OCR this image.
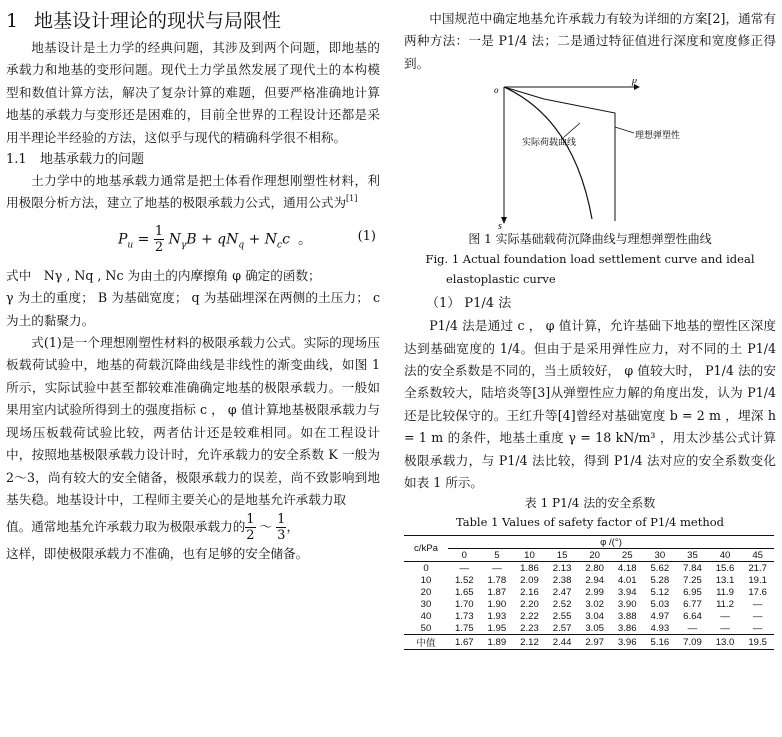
1 地基设计理论的现状与局限性

地基设计是土力学的经典问题，其涉及到两个问题，即地基的承载力和地基的变形问题。现代土力学虽然发展了现代土的本构模型和数值计算方法，解决了复杂计算的难题，但要严格准确地计算地基的承载力与变形还是困难的，目前全世界的工程设计还都是采用半理论半经验的方法，这似乎与现代的精确科学很不相称。

1.1 地基承载力的问题

土力学中的地基承载力通常是把土体看作理想刚塑性材料，利用极限分析方法，建立了地基的极限承载力公式，通用公式为[1]

$P_u = \frac{1}{2} N_\gamma B + qN_q + N_cc$ 。	(1)

式中　Nγ , Nq , Nc 为由土的内摩擦角 φ 确定的函数；

γ 为土的重度； B 为基础宽度； q 为基础埋深在两侧的土压力； c 为土的黏聚力。

式(1)是一个理想刚塑性材料的极限承载力公式。实际的现场压板载荷试验中，地基的荷载沉降曲线是非线性的渐变曲线，如图 1 所示，实际试验中甚至都较难准确确定地基的极限承载力。一般如果用室内试验所得到土的强度指标 c ， φ 值计算地基极限承载力与现场压板载荷试验比较，两者估计还是较难相同。如在工程设计中，按照地基极限承载力设计时，允许承载力的安全系数 K 一般为 2～3，尚有较大的安全储备，极限承载力的误差，尚不致影响到地基失稳。地基设计中，工程师主要关心的是地基允许承载力取

值。通常地基允许承载力取为极限承载力的 $\frac{1}{2}$ ～ $\frac{1}{3}$ ，

这样，即使极限承载力不准确，也有足够的安全储备。

中国规范中确定地基允许承载力有较为详细的方案[2]，通常有两种方法：一是 P1/4 法；二是通过特征值进行深度和宽度修正得到。

o
p
s
理想弹塑性
实际荷载曲线

图 1 实际基础载荷沉降曲线与理想弹塑性曲线

Fig. 1 Actual foundation load settlement curve and ideal

elastoplastic curve

（1） P1/4 法

P1/4 法是通过 c ， φ 值计算，允许基础下地基的塑性区深度达到基础宽度的 1/4。但由于是采用弹性应力，对不同的土 P1/4 法的安全系数是不同的，当土质较好， φ 值较大时， P1/4 法的安全系数较大，陆培炎等[3]从弹塑性应力解的角度出发，认为 P1/4 还是比较保守的。王红升等[4]曾经对基础宽度 b = 2 m ，埋深 h = 1 m 的条件，地基土重度 γ = 18 kN/m³ ，用太沙基公式计算极限承载力，与 P1/4 法比较，得到 P1/4 法对应的安全系数变化如表 1 所示。

表 1 P1/4 法的安全系数

Table 1 Values of safety factor of P1/4 method

c/kPa	φ /(°)									
	0	5	10	15	20	25	30	35	40	45
0	—	—	1.86	2.13	2.80	4.18	5.62	7.84	15.6	21.7
10	1.52	1.78	2.09	2.38	2.94	4.01	5.28	7.25	13.1	19.1
20	1.65	1.87	2.16	2.47	2.99	3.94	5.12	6.95	11.9	17.6
30	1.70	1.90	2.20	2.52	3.02	3.90	5.03	6.77	11.2	—
40	1.73	1.93	2.22	2.55	3.04	3.88	4.97	6.64	—	—
50	1.75	1.95	2.23	2.57	3.05	3.86	4.93	—	—	—
中值	1.67	1.89	2.12	2.44	2.97	3.96	5.16	7.09	13.0	19.5
